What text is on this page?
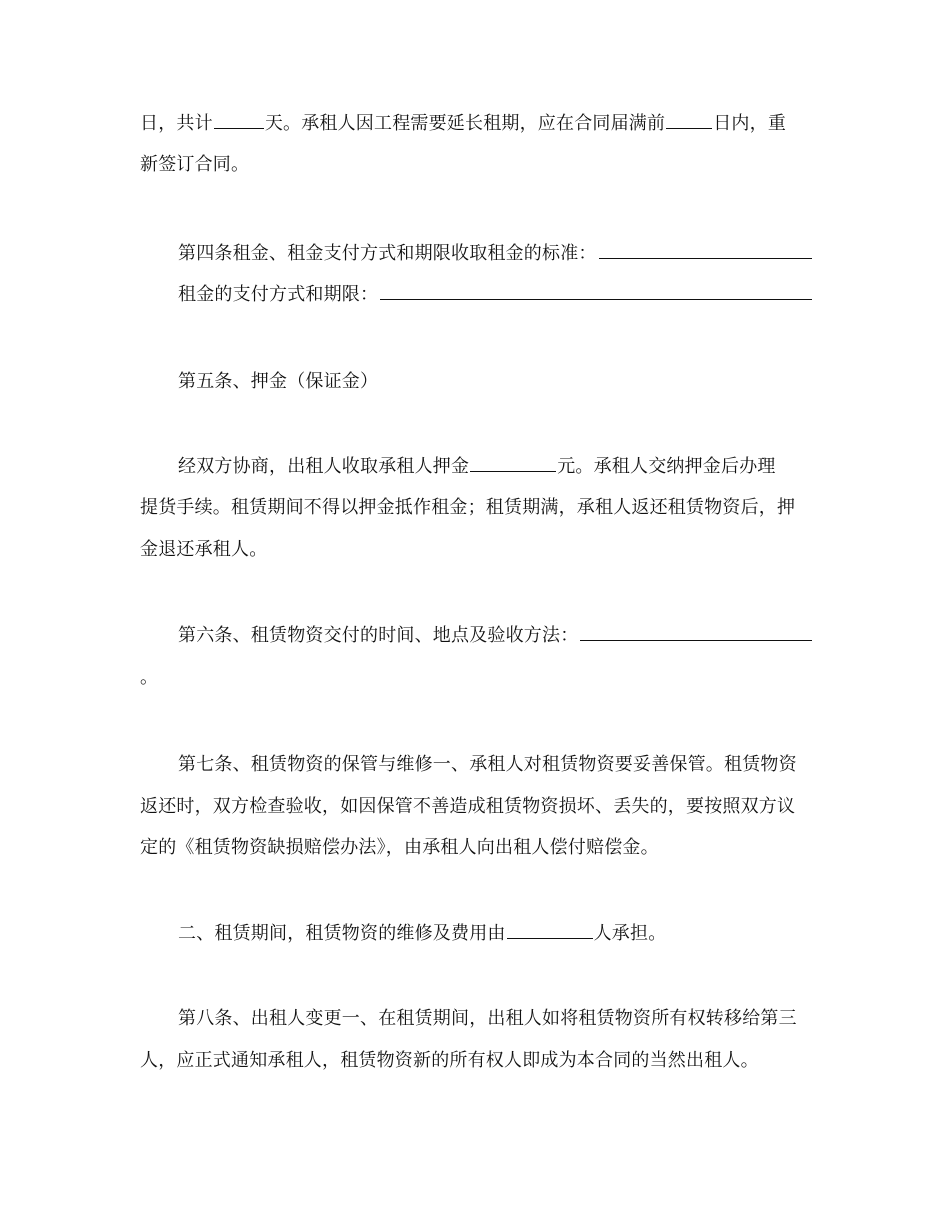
日，共计	天。承租人因工程需要延长租期，应在合同届满前	日内，重
新签订合同。
第四条租金、租金支付方式和期限收取租金的标准：
租金的支付方式和期限：
第五条、押金（保证金）
经双方协商，出租人收取承租人押金	元。承租人交纳押金后办理
提货手续。租赁期间不得以押金抵作租金；租赁期满，承租人返还租赁物资后，押
金退还承租人。
第六条、租赁物资交付的时间、地点及验收方法：
。
第七条、租赁物资的保管与维修一、承租人对租赁物资要妥善保管。租赁物资
返还时，双方检查验收，如因保管不善造成租赁物资损坏、丢失的，要按照双方议
定的《租赁物资缺损赔偿办法》，由承租人向出租人偿付赔偿金。
二、租赁期间，租赁物资的维修及费用由	人承担。
第八条、出租人变更一、在租赁期间，出租人如将租赁物资所有权转移给第三
人，应正式通知承租人，租赁物资新的所有权人即成为本合同的当然出租人。
